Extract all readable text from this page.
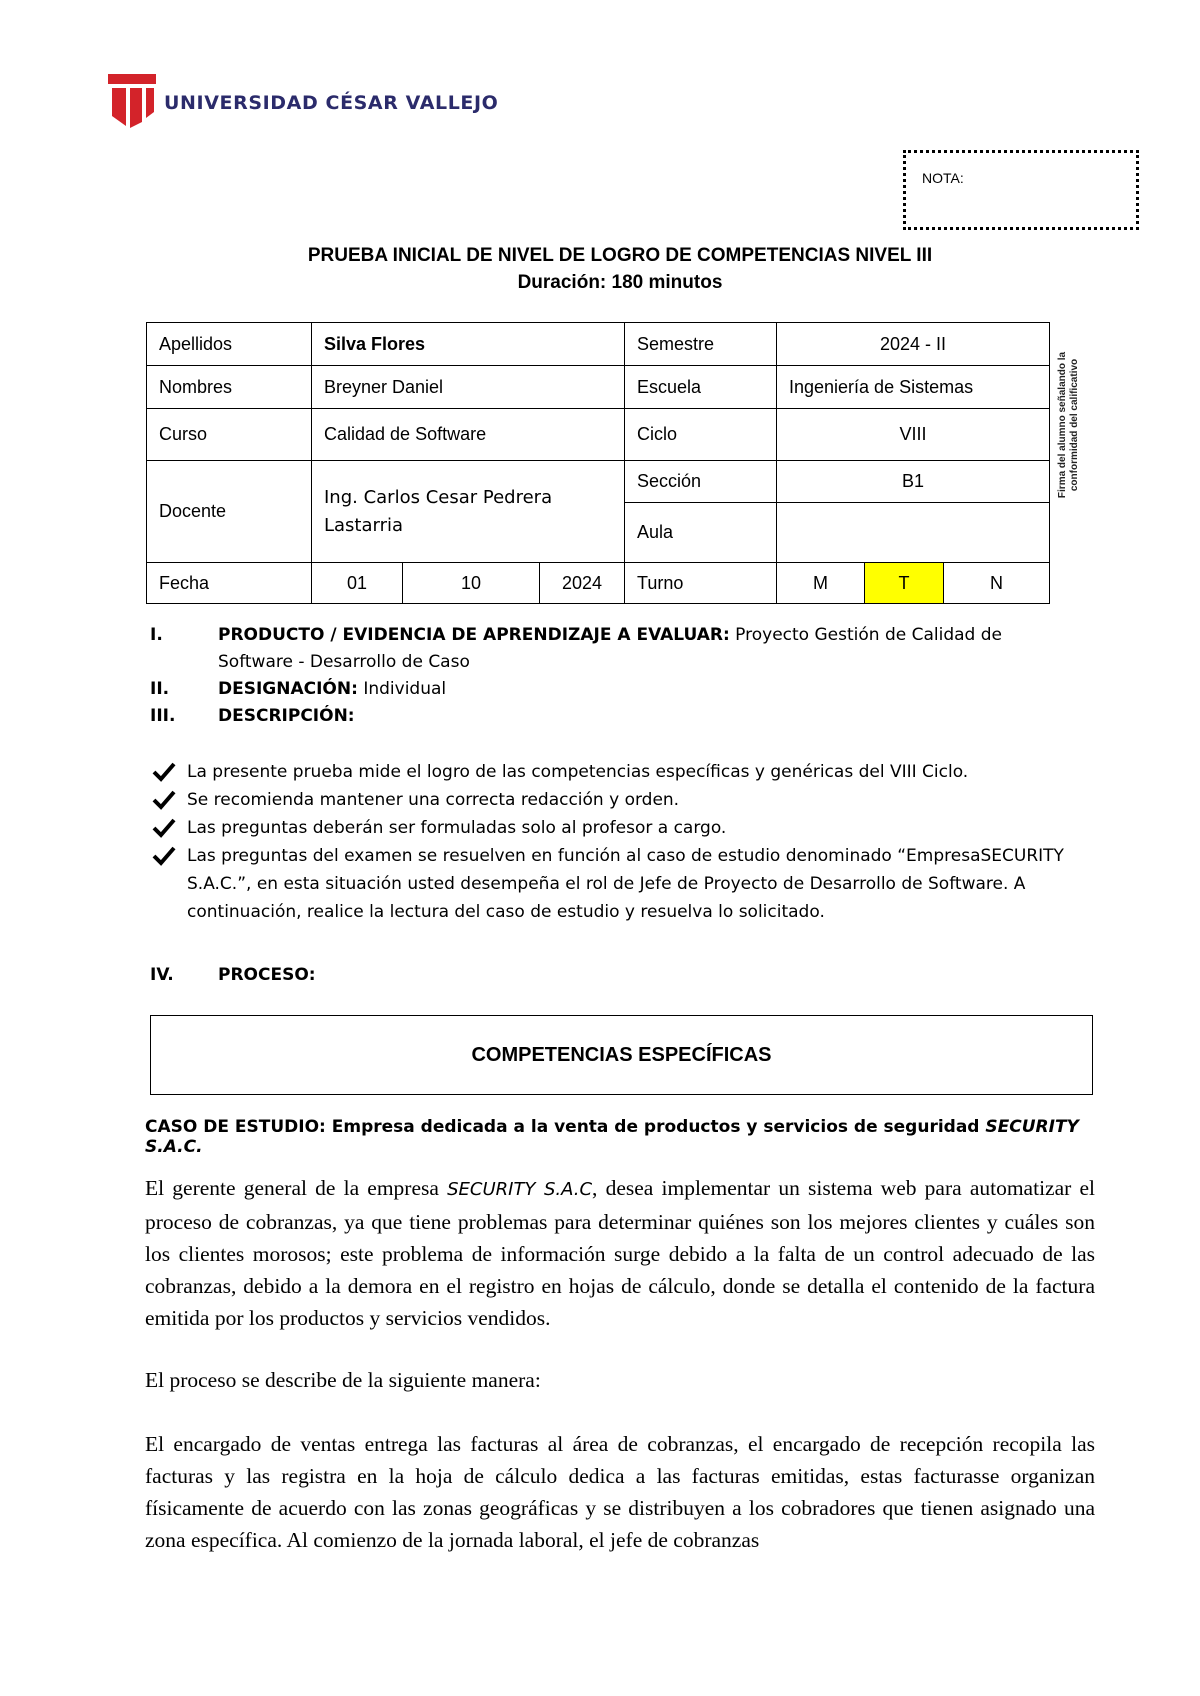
UNIVERSIDAD CÉSAR VALLEJO
NOTA:
PRUEBA INICIAL DE NIVEL DE LOGRO DE COMPETENCIAS NIVEL III
Duración: 180 minutos
Apellidos	Silva Flores			Semestre	2024 - II		
Nombres	Breyner Daniel			Escuela	Ingeniería de Sistemas		
Curso	Calidad de Software			Ciclo	VIII		
Docente	Ing. Carlos Cesar Pedrera Lastarria			Sección	B1		
				Aula			
Fecha	01	10	2024	Turno	M	T	N
Firma del alumno señalando la conformidad del calificativo
I.	PRODUCTO / EVIDENCIA DE APRENDIZAJE A EVALUAR: Proyecto Gestión de Calidad de Software - Desarrollo de Caso
II.	DESIGNACIÓN: Individual
III.	DESCRIPCIÓN:
La presente prueba mide el logro de las competencias específicas y genéricas del VIII Ciclo.
Se recomienda mantener una correcta redacción y orden.
Las preguntas deberán ser formuladas solo al profesor a cargo.
Las preguntas del examen se resuelven en función al caso de estudio denominado “EmpresaSECURITY S.A.C.”, en esta situación usted desempeña el rol de Jefe de Proyecto de Desarrollo de Software. A continuación, realice la lectura del caso de estudio y resuelva lo solicitado.
IV.	PROCESO:
COMPETENCIAS ESPECÍFICAS
CASO DE ESTUDIO: Empresa dedicada a la venta de productos y servicios de seguridad SECURITY S.A.C.
El gerente general de la empresa SECURITY S.A.C, desea implementar un sistema web para automatizar el proceso de cobranzas, ya que tiene problemas para determinar quiénes son los mejores clientes y cuáles son los clientes morosos; este problema de información surge debido a la falta de un control adecuado de las cobranzas, debido a la demora en el registro en hojas de cálculo, donde se detalla el contenido de la factura emitida por los productos y servicios vendidos.
El proceso se describe de la siguiente manera:
El encargado de ventas entrega las facturas al área de cobranzas, el encargado de recepción recopila las facturas y las registra en la hoja de cálculo dedica a las facturas emitidas, estas facturasse organizan físicamente de acuerdo con las zonas geográficas y se distribuyen a los cobradores que tienen asignado una zona específica. Al comienzo de la jornada laboral, el jefe de cobranzas
